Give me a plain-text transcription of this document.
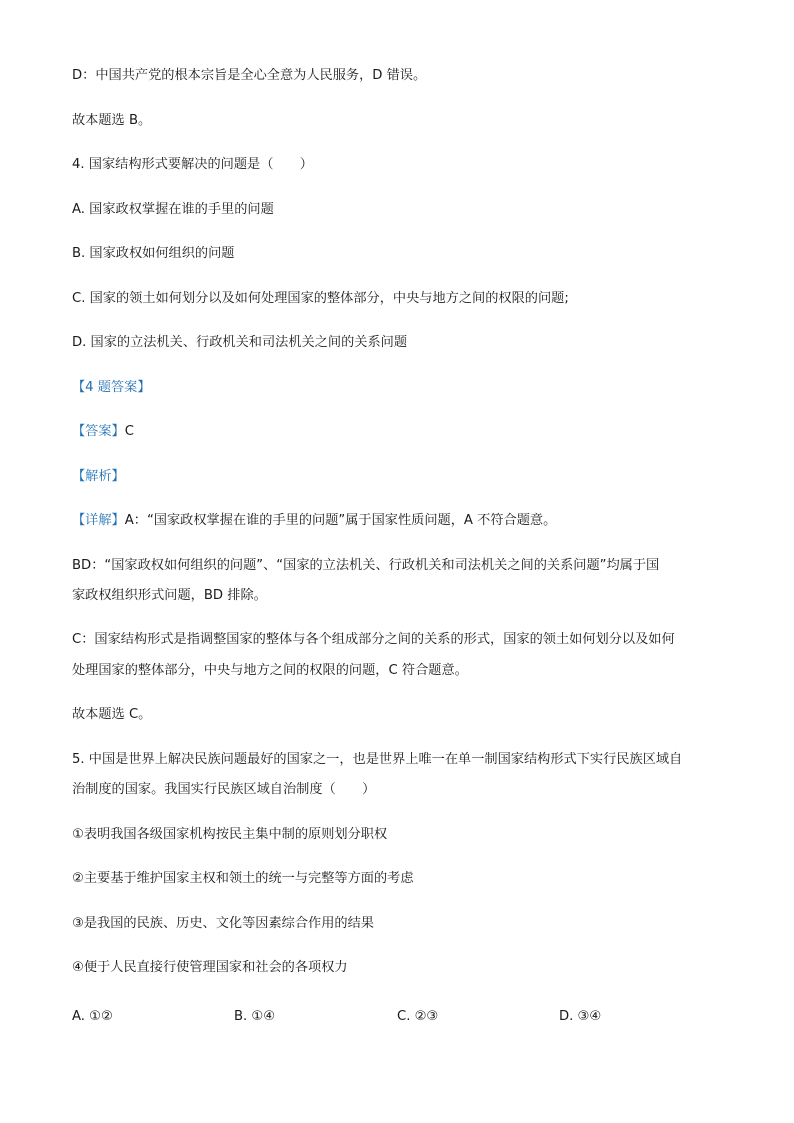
D：中国共产党的根本宗旨是全心全意为人民服务，D 错误。
故本题选 B。
4. 国家结构形式要解决的问题是（　　）
A. 国家政权掌握在谁的手里的问题
B. 国家政权如何组织的问题
C. 国家的领土如何划分以及如何处理国家的整体部分，中央与地方之间的权限的问题;
D. 国家的立法机关、行政机关和司法机关之间的关系问题
【4 题答案】
【答案】C
【解析】
【详解】A：“国家政权掌握在谁的手里的问题”属于国家性质问题，A 不符合题意。
BD：“国家政权如何组织的问题”、“国家的立法机关、行政机关和司法机关之间的关系问题”均属于国
家政权组织形式问题，BD 排除。
C：国家结构形式是指调整国家的整体与各个组成部分之间的关系的形式，国家的领土如何划分以及如何
处理国家的整体部分，中央与地方之间的权限的问题，C 符合题意。
故本题选 C。
5. 中国是世界上解决民族问题最好的国家之一，也是世界上唯一在单一制国家结构形式下实行民族区域自
治制度的国家。我国实行民族区域自治制度（　　）
①表明我国各级国家机构按民主集中制的原则划分职权
②主要基于维护国家主权和领土的统一与完整等方面的考虑
③是我国的民族、历史、文化等因素综合作用的结果
④便于人民直接行使管理国家和社会的各项权力
A. ①②	B. ①④	C. ②③	D. ③④
